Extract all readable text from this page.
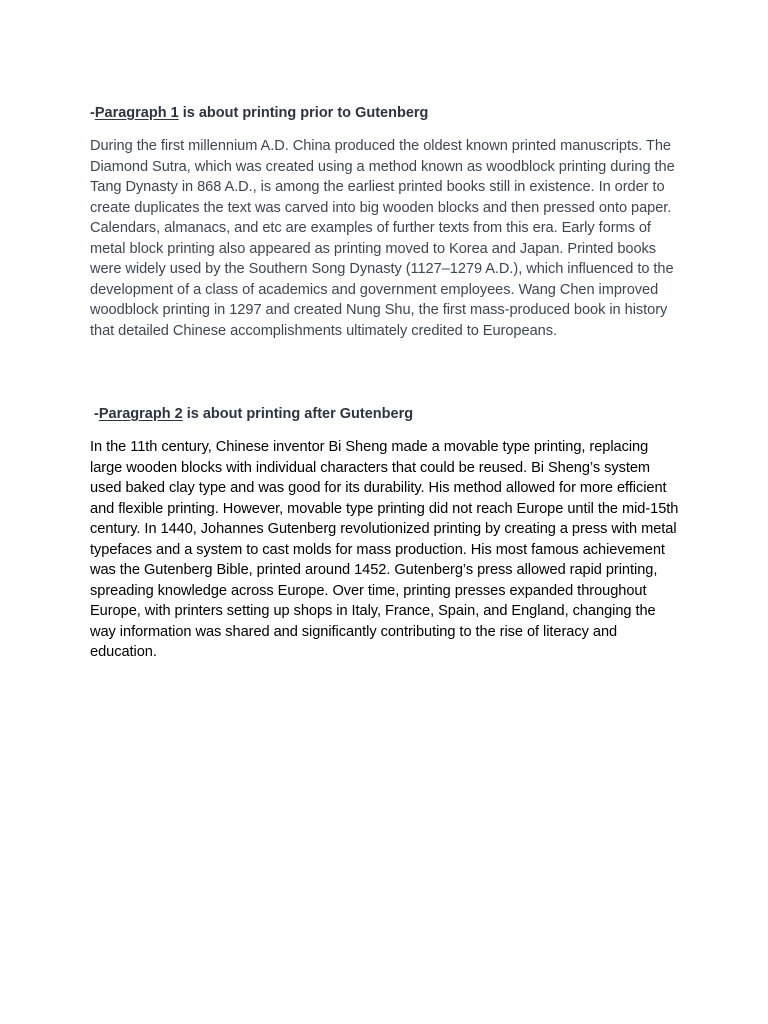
-Paragraph 1 is about printing prior to Gutenberg

During the first millennium A.D. China produced the oldest known printed manuscripts. The Diamond Sutra, which was created using a method known as woodblock printing during the Tang Dynasty in 868 A.D., is among the earliest printed books still in existence. In order to create duplicates the text was carved into big wooden blocks and then pressed onto paper. Calendars, almanacs, and etc are examples of further texts from this era. Early forms of metal block printing also appeared as printing moved to Korea and Japan. Printed books were widely used by the Southern Song Dynasty (1127–1279 A.D.), which influenced to the development of a class of academics and government employees. Wang Chen improved woodblock printing in 1297 and created Nung Shu, the first mass-produced book in history that detailed Chinese accomplishments ultimately credited to Europeans.

-Paragraph 2 is about printing after Gutenberg

In the 11th century, Chinese inventor Bi Sheng made a movable type printing, replacing large wooden blocks with individual characters that could be reused. Bi Sheng’s system used baked clay type and was good for its durability. His method allowed for more efficient and flexible printing. However, movable type printing did not reach Europe until the mid-15th century. In 1440, Johannes Gutenberg revolutionized printing by creating a press with metal typefaces and a system to cast molds for mass production. His most famous achievement was the Gutenberg Bible, printed around 1452. Gutenberg’s press allowed rapid printing, spreading knowledge across Europe. Over time, printing presses expanded throughout Europe, with printers setting up shops in Italy, France, Spain, and England, changing the way information was shared and significantly contributing to the rise of literacy and education.
